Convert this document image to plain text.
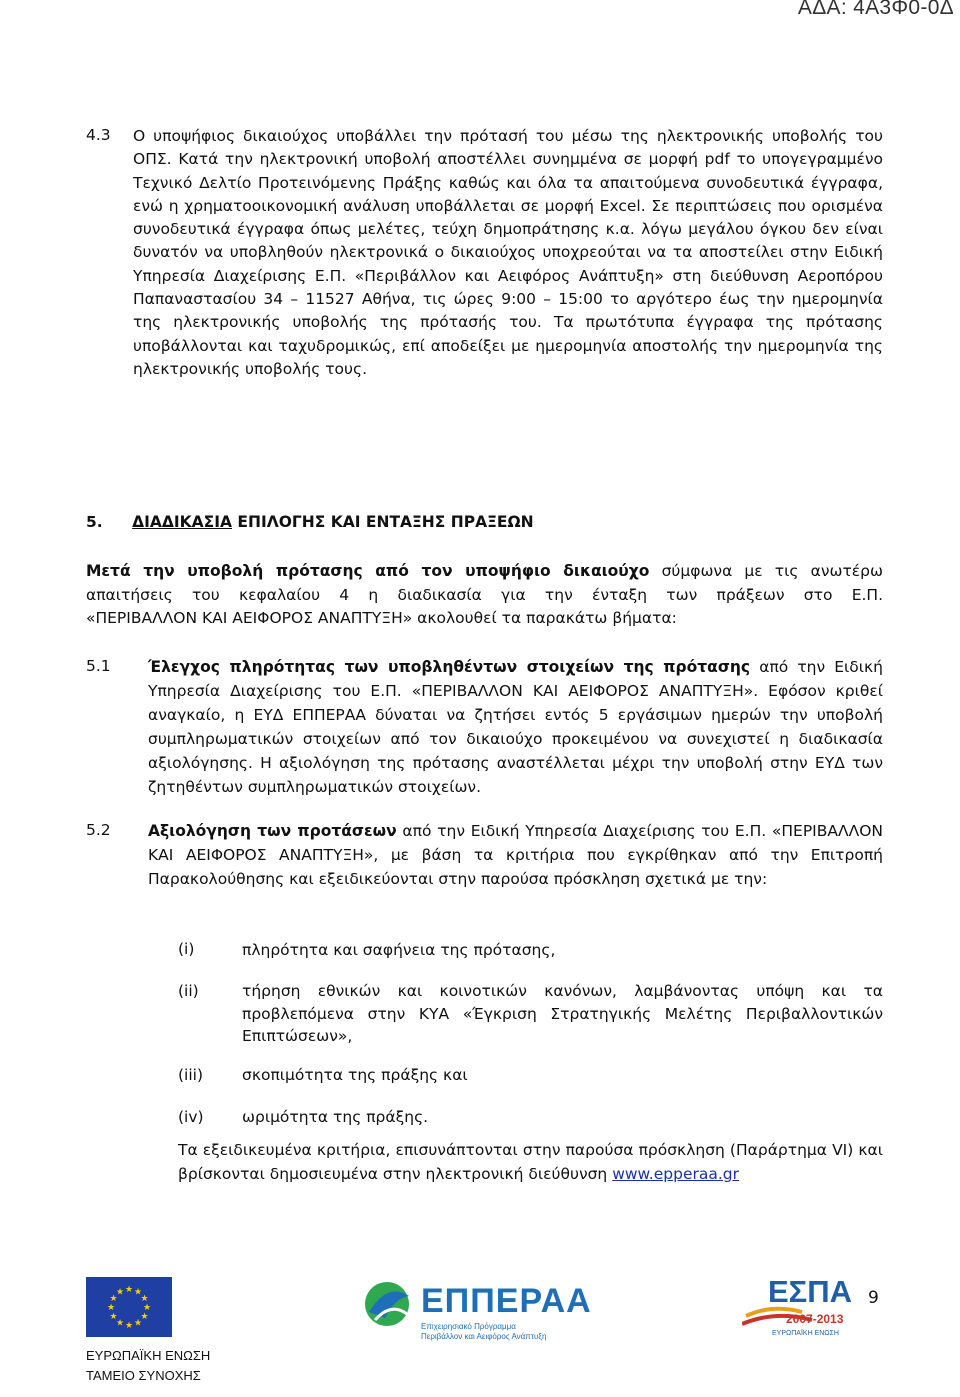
ΑΔΑ: 4Α3Φ0-0Δ
4.3 Ο υποψήφιος δικαιούχος υποβάλλει την πρότασή του μέσω της ηλεκτρονικής υποβολής του ΟΠΣ. Κατά την ηλεκτρονική υποβολή αποστέλλει συνημμένα σε μορφή pdf το υπογεγραμμένο Τεχνικό Δελτίο Προτεινόμενης Πράξης καθώς και όλα τα απαιτούμενα συνοδευτικά έγγραφα, ενώ η χρηματοοικονομική ανάλυση υποβάλλεται σε μορφή Excel. Σε περιπτώσεις που ορισμένα συνοδευτικά έγγραφα όπως μελέτες, τεύχη δημοπράτησης κ.α. λόγω μεγάλου όγκου δεν είναι δυνατόν να υποβληθούν ηλεκτρονικά ο δικαιούχος υποχρεούται να τα αποστείλει στην Ειδική Υπηρεσία Διαχείρισης Ε.Π. «Περιβάλλον και Αειφόρος Ανάπτυξη» στη διεύθυνση Αεροπόρου Παπαναστασίου 34 – 11527 Αθήνα, τις ώρες 9:00 – 15:00 το αργότερο έως την ημερομηνία της ηλεκτρονικής υποβολής της πρότασής του. Τα πρωτότυπα έγγραφα της πρότασης υποβάλλονται και ταχυδρομικώς, επί αποδείξει με ημερομηνία αποστολής την ημερομηνία της ηλεκτρονικής υποβολής τους.

5. ΔΙΑΔΙΚΑΣΙΑ ΕΠΙΛΟΓΗΣ ΚΑΙ ΕΝΤΑΞΗΣ ΠΡΑΞΕΩΝ
Μετά την υποβολή πρότασης από τον υποψήφιο δικαιούχο σύμφωνα με τις ανωτέρω
απαιτήσεις του κεφαλαίου 4 η διαδικασία για την ένταξη των πράξεων στο Ε.Π.
«ΠΕΡΙΒΑΛΛΟΝ ΚΑΙ ΑΕΙΦΟΡΟΣ ΑΝΑΠΤΥΞΗ» ακολουθεί τα παρακάτω βήματα:
5.1 Έλεγχος πληρότητας των υποβληθέντων στοιχείων της πρότασης από την Ειδική Υπηρεσία Διαχείρισης του Ε.Π. «ΠΕΡΙΒΑΛΛΟΝ ΚΑΙ ΑΕΙΦΟΡΟΣ ΑΝΑΠΤΥΞΗ». Εφόσον κριθεί αναγκαίο, η ΕΥΔ ΕΠΠΕΡΑΑ δύναται να ζητήσει εντός 5 εργάσιμων ημερών την υποβολή συμπληρωματικών στοιχείων από τον δικαιούχο προκειμένου να συνεχιστεί η διαδικασία αξιολόγησης. Η αξιολόγηση της πρότασης αναστέλλεται μέχρι την υποβολή στην ΕΥΔ των ζητηθέντων συμπληρωματικών στοιχείων.

5.2 Αξιολόγηση των προτάσεων από την Ειδική Υπηρεσία Διαχείρισης του Ε.Π. «ΠΕΡΙΒΑΛΛΟΝ ΚΑΙ ΑΕΙΦΟΡΟΣ ΑΝΑΠΤΥΞΗ», με βάση τα κριτήρια που εγκρίθηκαν από την Επιτροπή Παρακολούθησης και εξειδικεύονται στην παρούσα πρόσκληση σχετικά με την:

(i)	πληρότητα και σαφήνεια της πρότασης,

(ii)	τήρηση εθνικών και κοινοτικών κανόνων, λαμβάνοντας υπόψη και τα προβλεπόμενα στην ΚΥΑ «Έγκριση Στρατηγικής Μελέτης Περιβαλλοντικών Επιπτώσεων»,

(iii)	σκοπιμότητα της πράξης και

(iv) ωριμότητα της πράξης.

Τα εξειδικευμένα κριτήρια, επισυνάπτονται στην παρούσα πρόσκληση (Παράρτημα VI) και βρίσκονται δημοσιευμένα στην ηλεκτρονική διεύθυνση www.epperaa.gr

★ ★
★
★
★
★
★
★
★
★
★
★
ΕΥΡΩΠΑΪΚΗ ΕΝΩΣΗ
ΤΑΜΕΙΟ ΣΥΝΟΧΗΣ
ΕΠΠΕΡΑΑ
Επιχειρησιακό Πρόγραμμα
Περιβάλλον και Αειφόρος Ανάπτυξη
ΕΣΠΑ
2007-2013
ΕΥΡΩΠΑΪΚΗ ΕΝΩΣΗ
9
